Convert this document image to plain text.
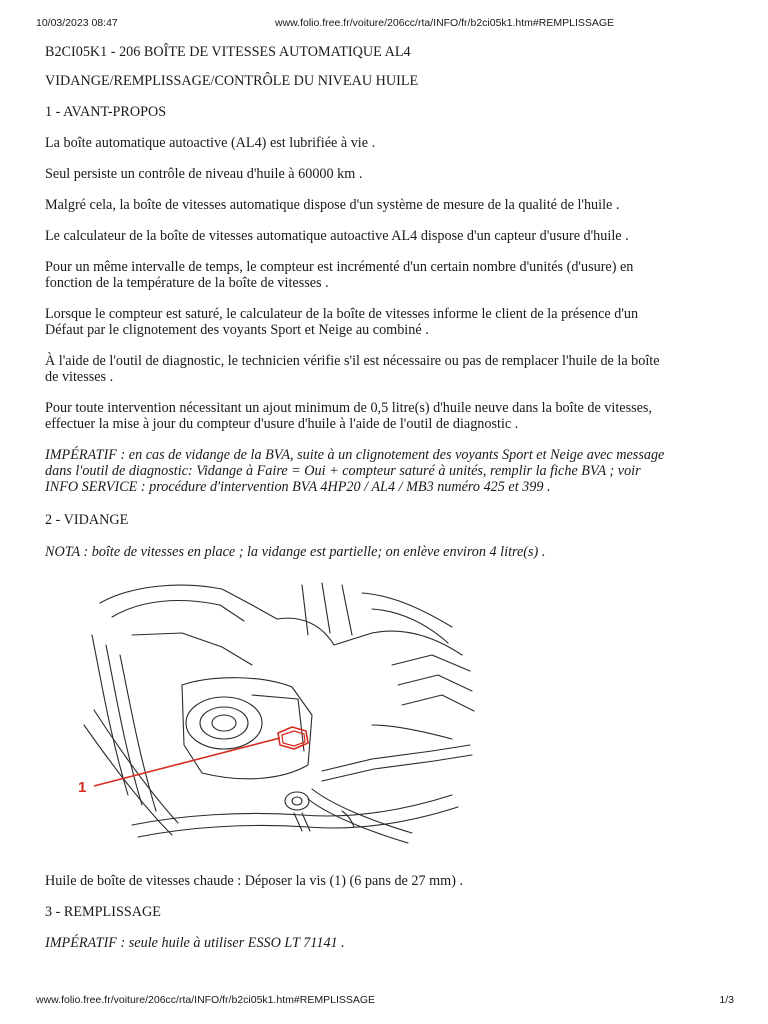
10/03/2023 08:47	www.folio.free.fr/voiture/206cc/rta/INFO/fr/b2ci05k1.htm#REMPLISSAGE

B2CI05K1 - 206 BOÎTE DE VITESSES AUTOMATIQUE AL4

VIDANGE/REMPLISSAGE/CONTRÔLE DU NIVEAU HUILE

1 - AVANT-PROPOS

La boîte automatique autoactive (AL4) est lubrifiée à vie .

Seul persiste un contrôle de niveau d'huile à 60000 km .

Malgré cela, la boîte de vitesses automatique dispose d'un système de mesure de la qualité de l'huile .

Le calculateur de la boîte de vitesses automatique autoactive AL4 dispose d'un capteur d'usure d'huile .

Pour un même intervalle de temps, le compteur est incrémenté d'un certain nombre d'unités (d'usure) en

fonction de la température de la boîte de vitesses .

Lorsque le compteur est saturé, le calculateur de la boîte de vitesses informe le client de la présence d'un

Défaut par le clignotement des voyants Sport et Neige au combiné .

À l'aide de l'outil de diagnostic, le technicien vérifie s'il est nécessaire ou pas de remplacer l'huile de la boîte

de vitesses .

Pour toute intervention nécessitant un ajout minimum de 0,5 litre(s) d'huile neuve dans la boîte de vitesses,

effectuer la mise à jour du compteur d'usure d'huile à l'aide de l'outil de diagnostic .

IMPÉRATIF : en cas de vidange de la BVA, suite à un clignotement des voyants Sport et Neige avec message

dans l'outil de diagnostic: Vidange à Faire = Oui + compteur saturé à unités, remplir la fiche BVA ; voir

INFO SERVICE : procédure d'intervention BVA 4HP20 / AL4 / MB3 numéro 425 et 399 .

2 - VIDANGE

NOTA : boîte de vitesses en place ; la vidange est partielle; on enlève environ 4 litre(s) .

1

Huile de boîte de vitesses chaude : Déposer la vis (1) (6 pans de 27 mm) .

3 - REMPLISSAGE

IMPÉRATIF : seule huile à utiliser ESSO LT 71141 .

www.folio.free.fr/voiture/206cc/rta/INFO/fr/b2ci05k1.htm#REMPLISSAGE	1/3
